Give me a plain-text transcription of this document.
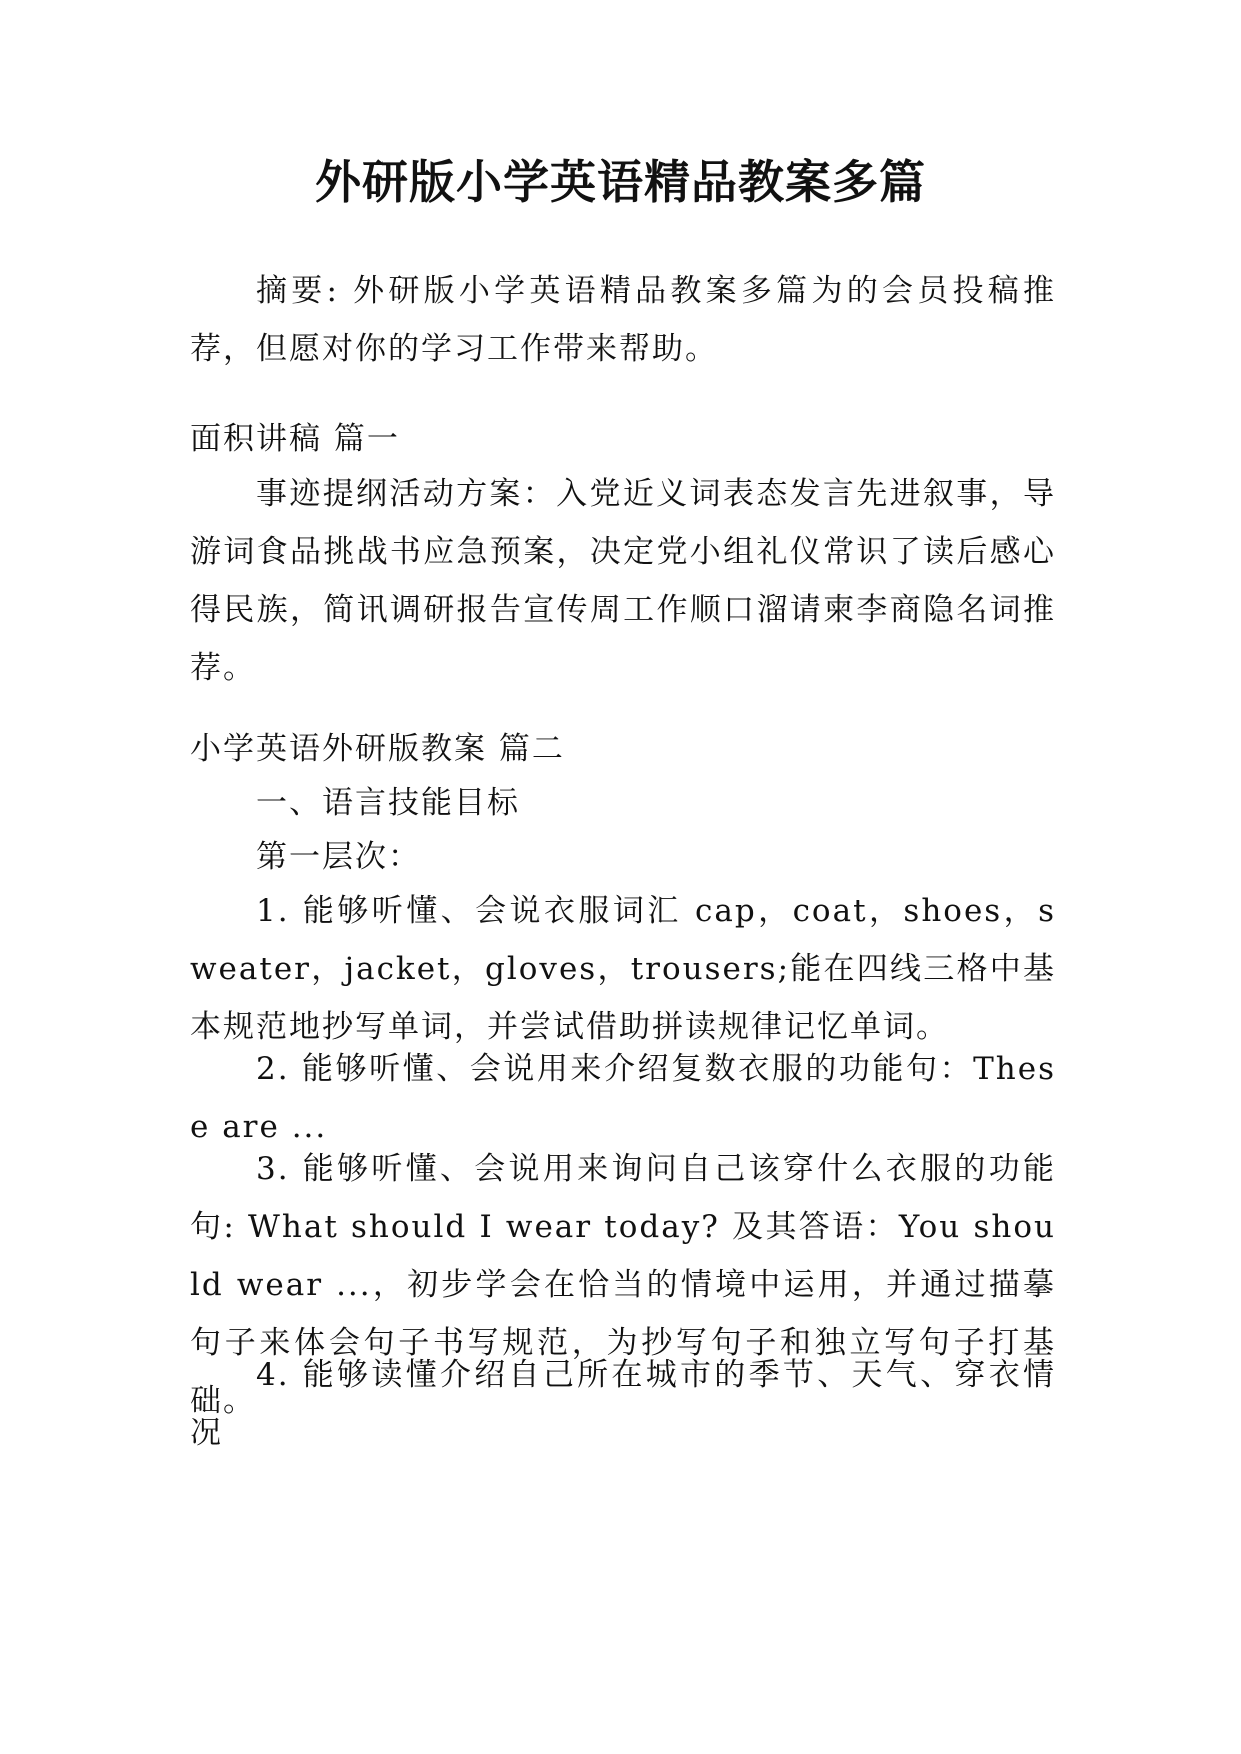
外研版小学英语精品教案多篇

摘要: 外研版小学英语精品教案多篇为的会员投稿推荐，但愿对你的学习工作带来帮助。

面积讲稿 篇一

事迹提纲活动方案：入党近义词表态发言先进叙事，导游词食品挑战书应急预案，决定党小组礼仪常识了读后感心得民族，简讯调研报告宣传周工作顺口溜请柬李商隐名词推荐。

小学英语外研版教案 篇二

一、语言技能目标

第一层次：

1. 能够听懂、会说衣服词汇 cap，coat，shoes，sweater，jacket，gloves，trousers;能在四线三格中基本规范地抄写单词，并尝试借助拼读规律记忆单词。

2. 能够听懂、会说用来介绍复数衣服的功能句：These are ...

3. 能够听懂、会说用来询问自己该穿什么衣服的功能句: What should I wear today? 及其答语：You should wear ...，初步学会在恰当的情境中运用，并通过描摹句子来体会句子书写规范，为抄写句子和独立写句子打基础。

4. 能够读懂介绍自己所在城市的季节、天气、穿衣情况
